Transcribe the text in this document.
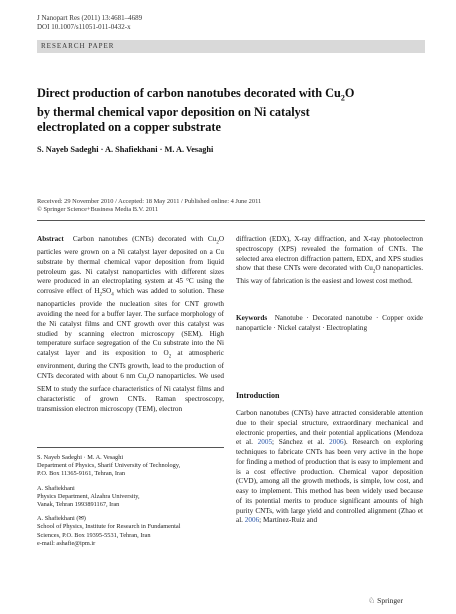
J Nanopart Res (2011) 13:4681–4689
DOI 10.1007/s11051-011-0432-x
RESEARCH PAPER
Direct production of carbon nanotubes decorated with $Cu_2O$
by thermal chemical vapor deposition on Ni catalyst
electroplated on a copper substrate
S. Nayeb Sadeghi · A. Shafiekhani · M. A. Vesaghi
Received: 29 November 2010 / Accepted: 18 May 2011 / Published online: 4 June 2011
© Springer Science+Business Media B.V. 2011

Abstract Carbon nanotubes (CNTs) decorated with $Cu_2O$ particles were grown on a Ni catalyst layer deposited on a Cu substrate by thermal chemical vapor deposition from liquid petroleum gas. Ni catalyst nanoparticles with different sizes were produced in an electroplating system at 45 °C using the corrosive effect of $H_2SO_4$ which was added to solution. These nanoparticles provide the nucleation sites for CNT growth avoiding the need for a buffer layer. The surface morphology of the Ni catalyst films and CNT growth over this catalyst was studied by scanning electron microscopy (SEM). High temperature surface segregation of the Cu substrate into the Ni catalyst layer and its exposition to $O_2$ at atmospheric environment, during the CNTs growth, lead to the production of CNTs decorated with about 6 nm $Cu_2O$ nanoparticles. We used SEM to study the surface characteristics of Ni catalyst films and characteristic of grown CNTs. Raman spectroscopy, transmission electron microscopy (TEM), electron

diffraction (EDX), X-ray diffraction, and X-ray photoelectron spectroscopy (XPS) revealed the formation of CNTs. The selected area electron diffraction pattern, EDX, and XPS studies show that these CNTs were decorated with $Cu_2O$ nanoparticles. This way of fabrication is the easiest and lowest cost method.

Keywords Nanotube · Decorated nanotube · Copper oxide nanoparticle · Nickel catalyst · Electroplating

Introduction

Carbon nanotubes (CNTs) have attracted considerable attention due to their special structure, extraordinary mechanical and electronic properties, and their potential applications (Mendoza et al. 2005; Sánchez et al. 2006). Research on exploring techniques to fabricate CNTs has been very active in the hope for finding a method of production that is easy to implement and is a cost effective production. Chemical vapor deposition (CVD), among all the growth methods, is simple, low cost, and easy to implement. This method has been widely used because of its potential merits to produce significant amounts of high purity CNTs, with large yield and controlled alignment (Zhao et al. 2006; Martínez-Ruiz and

S. Nayeb Sadeghi · M. A. Vesaghi
Department of Physics, Sharif University of Technology,
P.O. Box 11365-9161, Tehran, Iran

A. Shafiekhani
Physics Department, Alzahra University,
Vanak, Tehran 1993891167, Iran

A. Shafiekhani (✉)
School of Physics, Institute for Research in Fundamental
Sciences, P.O. Box 19395-5531, Tehran, Iran
e-mail: ashafie@ipm.ir

♘ Springer
